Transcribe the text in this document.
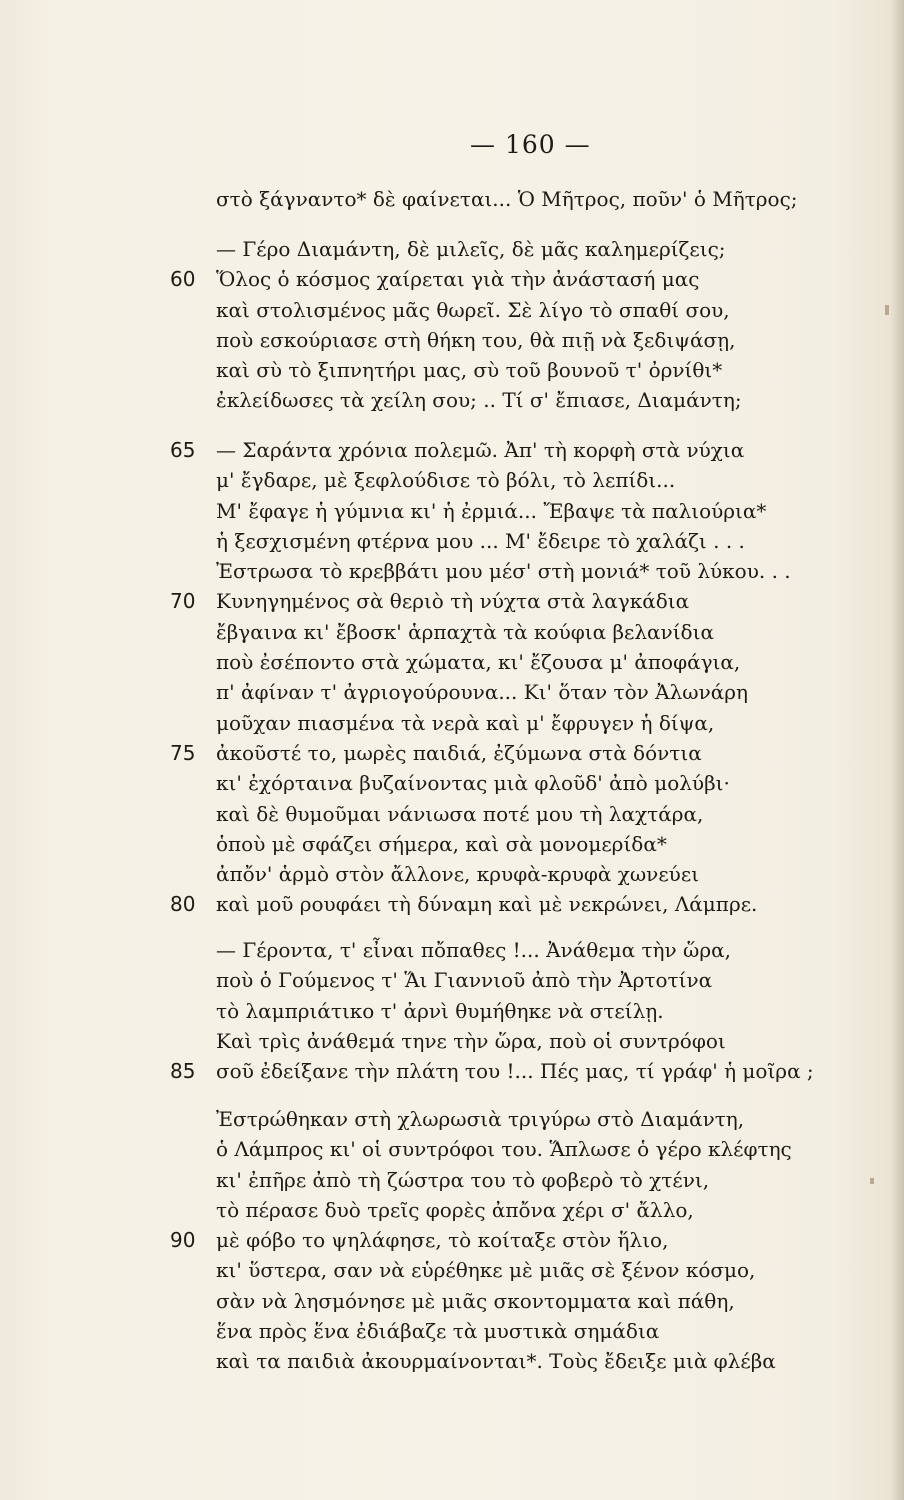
— 160 —
στὸ ξάγναντο* δὲ φαίνεται... Ὁ Μῆτρος, ποῦν' ὁ Μῆτρος;
— Γέρο Διαμάντη, δὲ μιλεῖς, δὲ μᾶς καλημερίζεις;
60 Ὅλος ὁ κόσμος χαίρεται γιὰ τὴν ἀνάστασή μας
καὶ στολισμένος μᾶς θωρεῖ. Σὲ λίγο τὸ σπαθί σου,
ποὺ εσκούριασε στὴ θήκη του, θὰ πιῇ νὰ ξεδιψάσῃ,
καὶ σὺ τὸ ξιπνητήρι μας, σὺ τοῦ βουνοῦ τ' ὀρνίθι*
ἐκλείδωσες τὰ χείλη σου; .. Τί σ' ἔπιασε, Διαμάντη;
65 — Σαράντα χρόνια πολεμῶ. Ἀπ' τὴ κορφὴ στὰ νύχια
μ' ἔγδαρε, μὲ ξεφλούδισε τὸ βόλι, τὸ λεπίδι...
Μ' ἔφαγε ἡ γύμνια κι' ἡ ἐρμιά... Ἔβαψε τὰ παλιούρια*
ἡ ξεσχισμένη φτέρνα μου ... Μ' ἔδειρε τὸ χαλάζι . . .
Ἐστρωσα τὸ κρεββάτι μου μέσ' στὴ μονιά* τοῦ λύκου. . .
70 Κυνηγημένος σὰ θεριὸ τὴ νύχτα στὰ λαγκάδια
ἔβγαινα κι' ἔβοσκ' ἁρπαχτὰ τὰ κούφια βελανίδια
ποὺ ἐσέποντο στὰ χώματα, κι' ἔζουσα μ' ἀποφάγια,
π' ἀφίναν τ' ἀγριογούρουνα... Κι' ὅταν τὸν Ἀλωνάρη
μοῦχαν πιασμένα τὰ νερὰ καὶ μ' ἔφρυγεν ἡ δίψα,
75 ἀκοῦστέ το, μωρὲς παιδιά, ἐζύμωνα στὰ δόντια
κι' ἐχόρταινα βυζαίνοντας μιὰ φλοῦδ' ἀπὸ μολύβι·
καὶ δὲ θυμοῦμαι νάνιωσα ποτέ μου τὴ λαχτάρα,
ὁποὺ μὲ σφάζει σήμερα, καὶ σὰ μονομερίδα*
ἀπὄν' ἁρμὸ στὸν ἄλλονε, κρυφὰ-κρυφὰ χωνεύει
80 καὶ μοῦ ρουφάει τὴ δύναμη καὶ μὲ νεκρώνει, Λάμπρε.
— Γέροντα, τ' εἶναι πὄπαθες !... Ἀνάθεμα τὴν ὥρα,
ποὺ ὁ Γούμενος τ' Ἅι Γιαννιοῦ ἀπὸ τὴν Ἀρτοτίνα
τὸ λαμπριάτικο τ' ἀρνὶ θυμήθηκε νὰ στείλῃ.
Καὶ τρὶς ἀνάθεμά τηνε τὴν ὥρα, ποὺ οἱ συντρόφοι
85 σοῦ ἐδείξανε τὴν πλάτη του !... Πές μας, τί γράφ' ἡ μοῖρα ;
Ἐστρώθηκαν στὴ χλωρωσιὰ τριγύρω στὸ Διαμάντη,
ὁ Λάμπρος κι' οἱ συντρόφοι του. Ἅπλωσε ὁ γέρο κλέφτης
κι' ἐπῆρε ἀπὸ τὴ ζώστρα του τὸ φοβερὸ τὸ χτένι,
τὸ πέρασε δυὸ τρεῖς φορὲς ἀπὄνα χέρι σ' ἄλλο,
90 μὲ φόβο το ψηλάφησε, τὸ κοίταξε στὸν ἥλιο,
κι' ὕστερα, σαν νὰ εὑρέθηκε μὲ μιᾶς σὲ ξένον κόσμο,
σὰν νὰ λησμόνησε μὲ μιᾶς σκοντομματα καὶ πάθη,
ἕνα πρὸς ἕνα ἐδιάβαζε τὰ μυστικὰ σημάδια
καὶ τα παιδιὰ ἀκουρμαίνονται*. Τοὺς ἔδειξε μιὰ φλέβα
